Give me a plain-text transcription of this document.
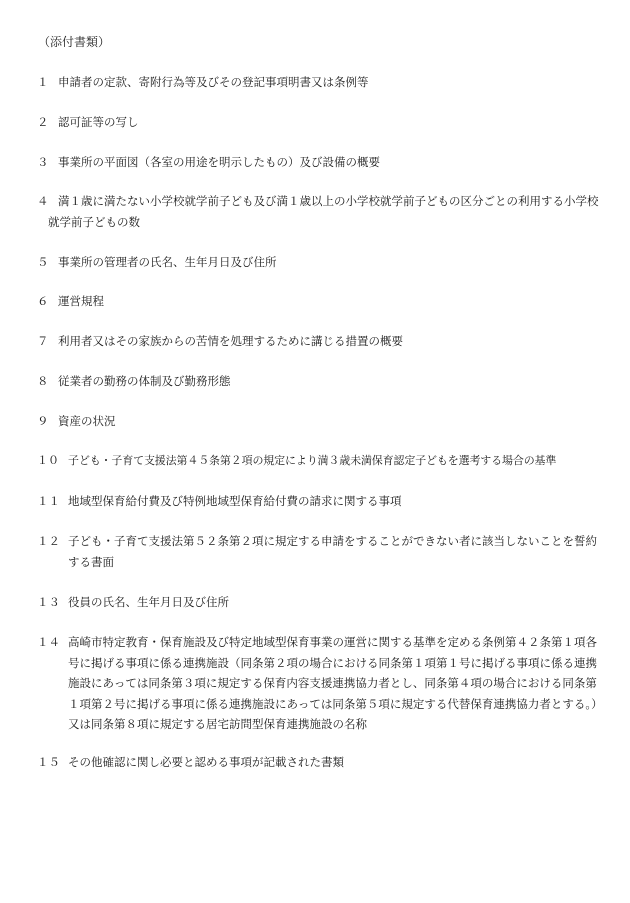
（添付書類）
１ 申請者の定款、寄附行為等及びその登記事項明書又は条例等
２ 認可証等の写し
３ 事業所の平面図（各室の用途を明示したもの）及び設備の概要
４ 満１歳に満たない小学校就学前子ども及び満１歳以上の小学校就学前子どもの区分ごとの利用する小学校就学前子どもの数
５ 事業所の管理者の氏名、生年月日及び住所
６ 運営規程
７ 利用者又はその家族からの苦情を処理するために講じる措置の概要
８ 従業者の勤務の体制及び勤務形態
９ 資産の状況
１０ 子ども・子育て支援法第４５条第２項の規定により満３歳未満保育認定子どもを選考する場合の基準
１１ 地域型保育給付費及び特例地域型保育給付費の請求に関する事項
１２ 子ども・子育て支援法第５２条第２項に規定する申請をすることができない者に該当しないことを誓約する書面
１３ 役員の氏名、生年月日及び住所
１４ 高崎市特定教育・保育施設及び特定地域型保育事業の運営に関する基準を定める条例第４２条第１項各号に掲げる事項に係る連携施設（同条第２項の場合における同条第１項第１号に掲げる事項に係る連携施設にあっては同条第３項に規定する保育内容支援連携協力者とし、同条第４項の場合における同条第１項第２号に掲げる事項に係る連携施設にあっては同条第５項に規定する代替保育連携協力者とする。）又は同条第８項に規定する居宅訪問型保育連携施設の名称
１５ その他確認に関し必要と認める事項が記載された書類
